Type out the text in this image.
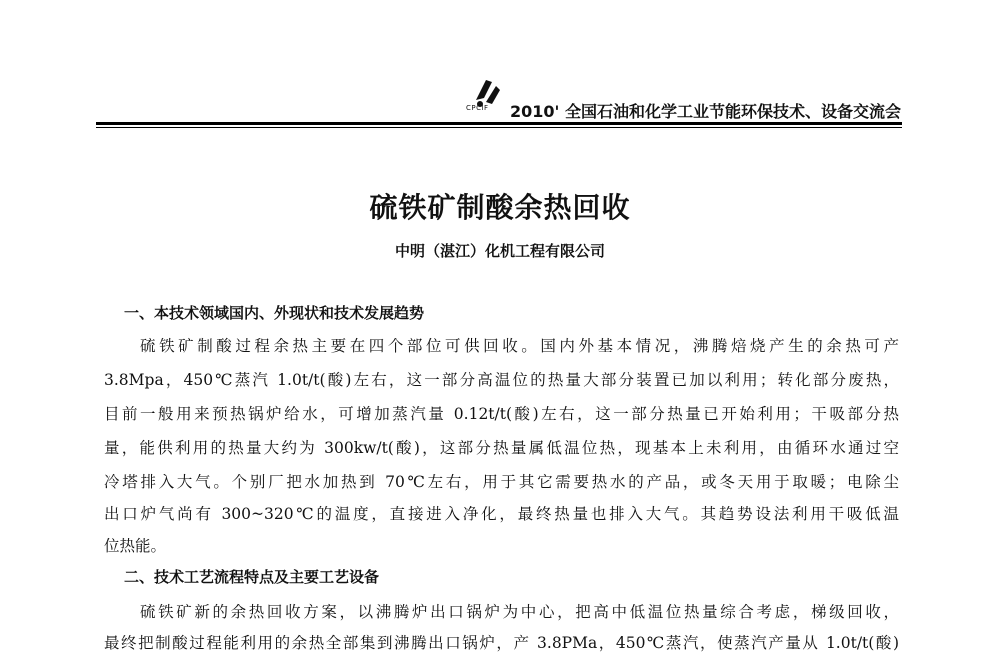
CPCIF 2010' 全国石油和化学工业节能环保技术、设备交流会
硫铁矿制酸余热回收
中明（湛江）化机工程有限公司
一、本技术领域国内、外现状和技术发展趋势
硫铁矿制酸过程余热主要在四个部位可供回收。国内外基本情况，沸腾焙烧产生的余热可产
3.8Mpa，450℃蒸汽 1.0t/t(酸)左右，这一部分高温位的热量大部分装置已加以利用；转化部分废热，
目前一般用来预热锅炉给水，可增加蒸汽量 0.12t/t(酸)左右，这一部分热量已开始利用；干吸部分热
量，能供利用的热量大约为 300kw/t(酸)，这部分热量属低温位热，现基本上未利用，由循环水通过空
冷塔排入大气。个别厂把水加热到 70℃左右，用于其它需要热水的产品，或冬天用于取暖；电除尘
出口炉气尚有 300~320℃的温度，直接进入净化，最终热量也排入大气。其趋势设法利用干吸低温
位热能。
二、技术工艺流程特点及主要工艺设备
硫铁矿新的余热回收方案，以沸腾炉出口锅炉为中心，把高中低温位热量综合考虑，梯级回收，
最终把制酸过程能利用的余热全部集到沸腾出口锅炉，产 3.8PMa，450℃蒸汽，使蒸汽产量从 1.0t/t(酸)
